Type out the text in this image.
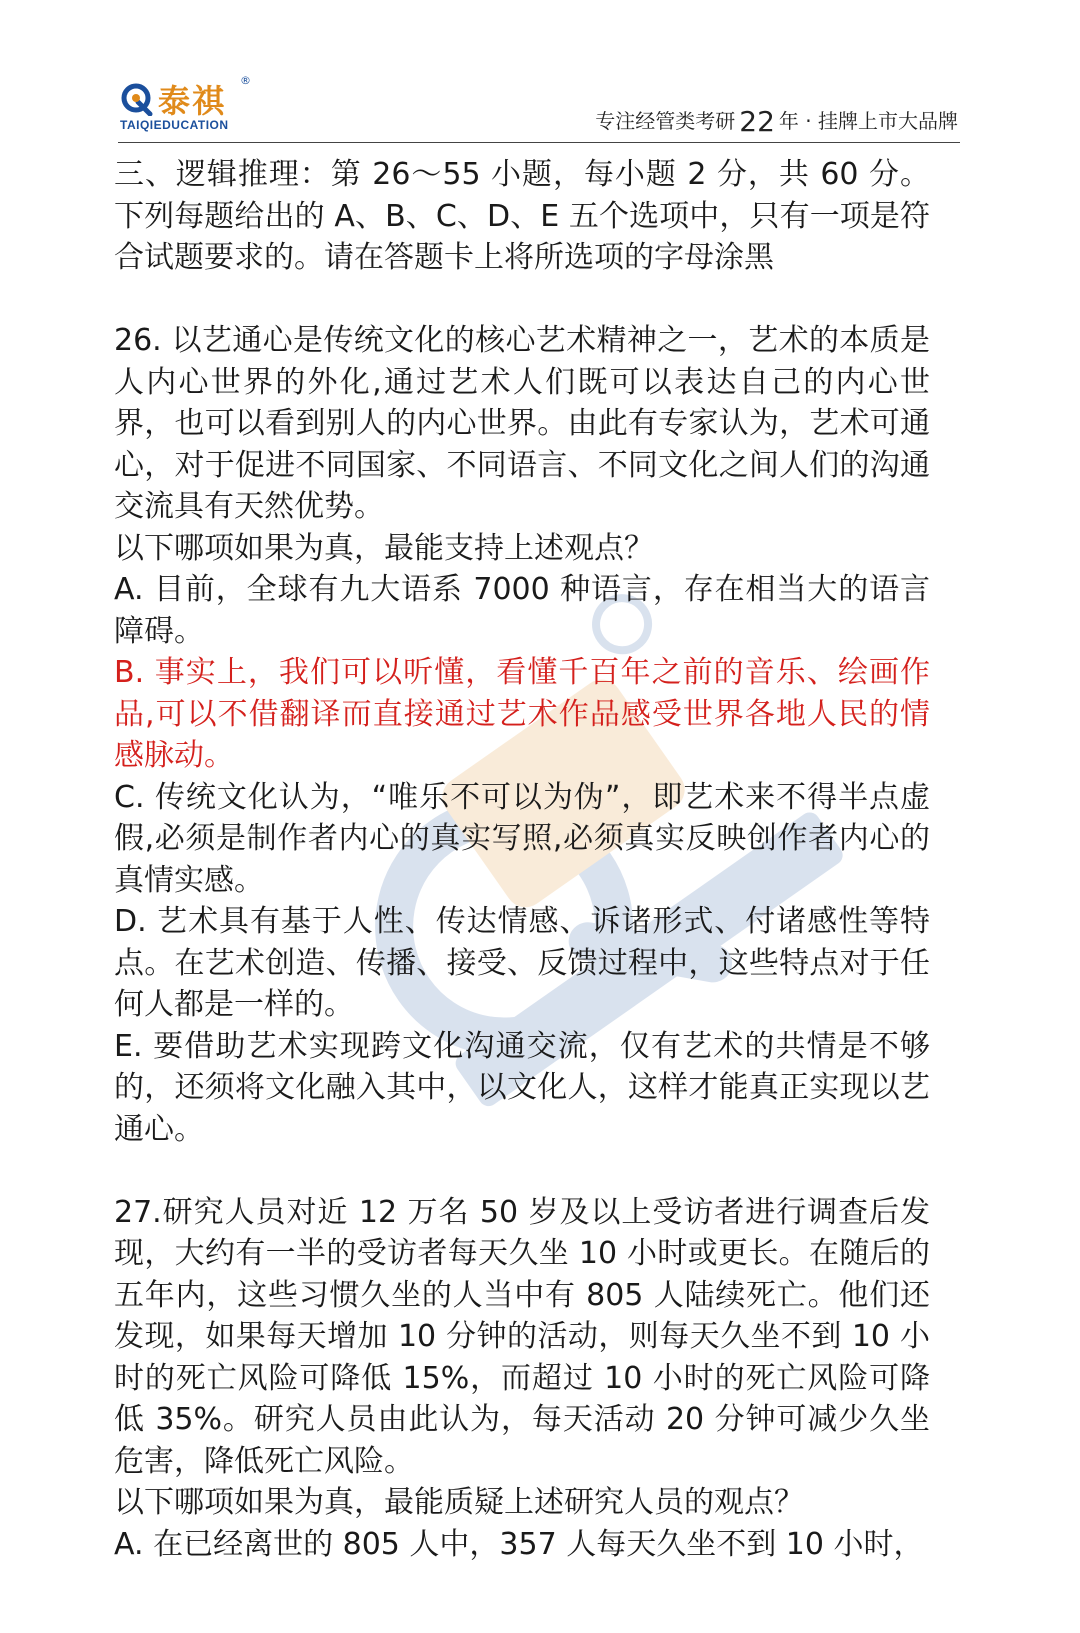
泰祺
®
TAIQIEDUCATION	专注经管类考研 22 年 · 挂牌上市大品牌

三、逻辑推理：第 26～55 小题，每小题 2 分，共 60 分。下列每题给出的 A、B、C、D、E 五个选项中，只有一项是符合试题要求的。请在答题卡上将所选项的字母涂黑

26. 以艺通心是传统文化的核心艺术精神之一，艺术的本质是人内心世界的外化,通过艺术人们既可以表达自己的内心世界，也可以看到别人的内心世界。由此有专家认为，艺术可通心，对于促进不同国家、不同语言、不同文化之间人们的沟通交流具有天然优势。

以下哪项如果为真，最能支持上述观点？

A. 目前，全球有九大语系 7000 种语言，存在相当大的语言障碍。

B. 事实上，我们可以听懂，看懂千百年之前的音乐、绘画作品,可以不借翻译而直接通过艺术作品感受世界各地人民的情感脉动。

C. 传统文化认为，“唯乐不可以为伪”，即艺术来不得半点虚假,必须是制作者内心的真实写照,必须真实反映创作者内心的真情实感。

D. 艺术具有基于人性、传达情感、诉诸形式、付诸感性等特点。在艺术创造、传播、接受、反馈过程中，这些特点对于任何人都是一样的。

E. 要借助艺术实现跨文化沟通交流，仅有艺术的共情是不够的，还须将文化融入其中，以文化人，这样才能真正实现以艺通心。

27.研究人员对近 12 万名 50 岁及以上受访者进行调查后发现，大约有一半的受访者每天久坐 10 小时或更长。在随后的五年内，这些习惯久坐的人当中有 805 人陆续死亡。他们还发现，如果每天增加 10 分钟的活动，则每天久坐不到 10 小时的死亡风险可降低 15%，而超过 10 小时的死亡风险可降低 35%。研究人员由此认为，每天活动 20 分钟可减少久坐危害，降低死亡风险。

以下哪项如果为真，最能质疑上述研究人员的观点？

A. 在已经离世的 805 人中，357 人每天久坐不到 10 小时，
